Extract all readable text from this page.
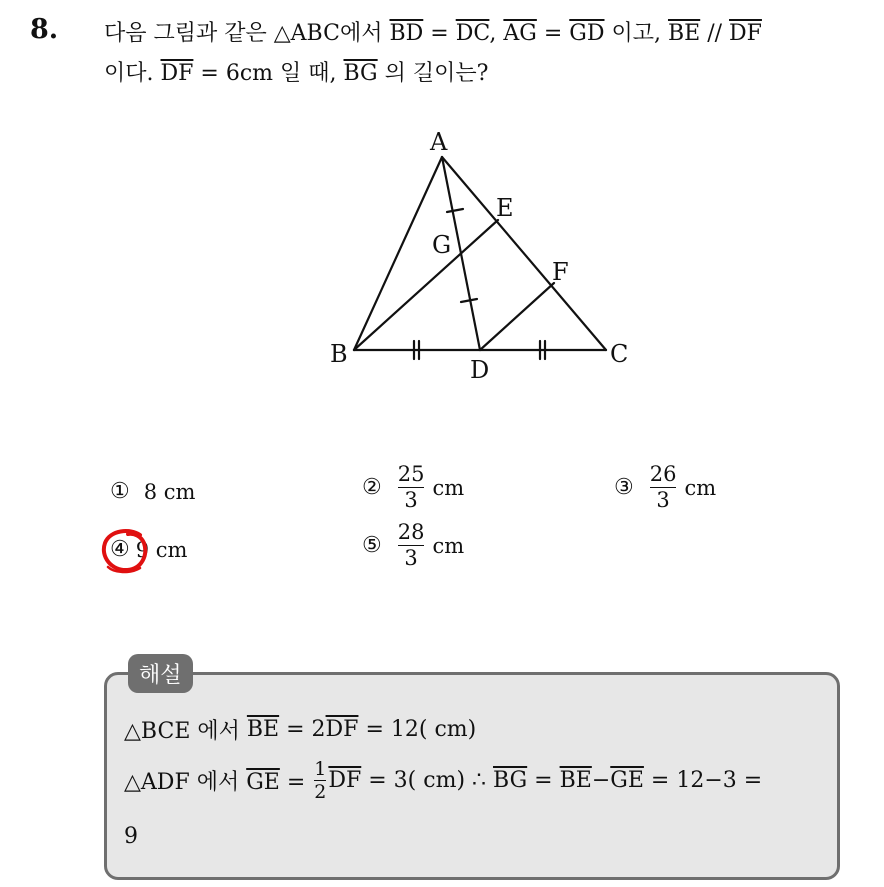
8. 다음 그림과 같은 △ABC에서 $\overline{BD} = \overline{DC}$, $\overline{AG} = \overline{GD}$ 이고, $\overline{BE} // \overline{DF}$
이다. $\overline{DF} = 6cm$ 일 때, $\overline{BG}$ 의 길이는?
A
B	C
D
E
F
G
① 8
cm	② $\frac{25}{3}$ cm	③ $\frac{26}{3}$ cm
④ 9
cm	⑤ $\frac{28}{3}$ cm
해설
△BCE 에서 $\overline{BE} = 2$ $\overline{DF} = 12$( cm)
△ADF 에서 $\overline{GE}$ =
1
2 $\overline{DF} = 3$( cm) ∴ $\overline{BG} = \overline{BE}-\overline{GE} = 12-3$ =
9
